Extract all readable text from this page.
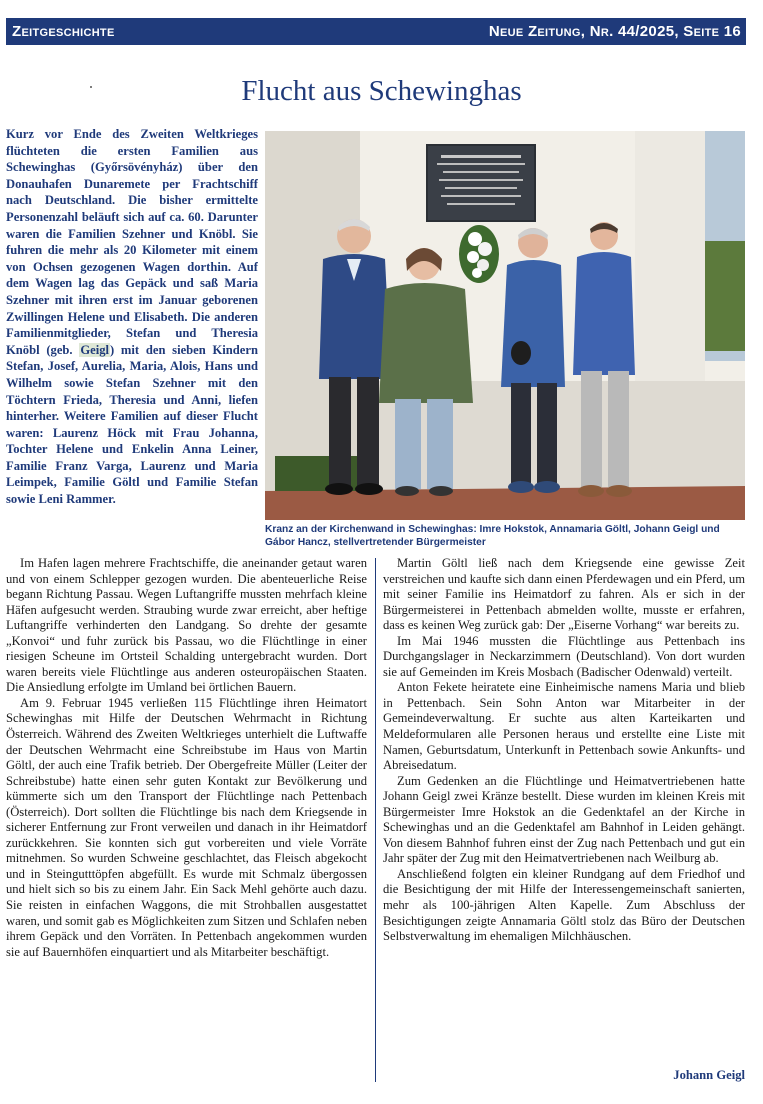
Zeitgeschichte	Neue Zeitung, Nr. 44/2025, Seite 16
Flucht aus Schewinghas

Kurz vor Ende des Zweiten Weltkrieges flüchteten die ersten Familien aus Schewinghas (Győrsövényház) über den Donauhafen Dunaremete per Frachtschiff nach Deutschland. Die bisher ermittelte Personenzahl beläuft sich auf ca. 60. Darunter waren die Familien Szehner und Knöbl. Sie fuhren die mehr als 20 Kilometer mit einem von Ochsen gezogenen Wagen dorthin. Auf dem Wagen lag das Gepäck und saß Maria Szehner mit ihren erst im Januar geborenen Zwillingen Helene und Elisabeth. Die anderen Familienmitglieder, Stefan und Theresia Knöbl (geb. Geigl) mit den sieben Kindern Stefan, Josef, Aurelia, Maria, Alois, Hans und Wilhelm sowie Stefan Szehner mit den Töchtern Frieda, Theresia und Anni, liefen hinterher. Weitere Familien auf dieser Flucht waren: Laurenz Höck mit Frau Johanna, Tochter Helene und Enkelin Anna Leiner, Familie Franz Varga, Laurenz und Maria Leimpek, Familie Göltl und Familie Stefan sowie Leni Rammer.

Kranz an der Kirchenwand in Schewinghas: Imre Hokstok, Annamaria Göltl, Johann Geigl und Gábor Hancz, stellvertretender Bürgermeister

Im Hafen lagen mehrere Frachtschiffe, die aneinander getaut waren und von einem Schlepper gezogen wurden. Die abenteuerliche Reise begann Richtung Passau. Wegen Luftangriffe mussten mehrfach kleine Häfen aufgesucht werden. Straubing wurde zwar erreicht, aber heftige Luftangriffe verhinderten den Landgang. So drehte der gesamte „Konvoi“ und fuhr zurück bis Passau, wo die Flüchtlinge in einer riesigen Scheune im Ortsteil Schalding untergebracht wurden. Dort waren bereits viele Flüchtlinge aus anderen osteuropäischen Staaten. Die Ansiedlung erfolgte im Umland bei örtlichen Bauern.

Am 9. Februar 1945 verließen 115 Flüchtlinge ihren Heimatort Schewinghas mit Hilfe der Deutschen Wehrmacht in Richtung Österreich. Während des Zweiten Weltkrieges unterhielt die Luftwaffe der Deutschen Wehrmacht eine Schreibstube im Haus von Martin Göltl, der auch eine Trafik betrieb. Der Obergefreite Müller (Leiter der Schreibstube) hatte einen sehr guten Kontakt zur Bevölkerung und kümmerte sich um den Transport der Flüchtlinge nach Pettenbach (Österreich). Dort sollten die Flüchtlinge bis nach dem Kriegsende in sicherer Entfernung zur Front verweilen und danach in ihr Heimatdorf zurückkehren. Sie konnten sich gut vorbereiten und viele Vorräte mitnehmen. So wurden Schweine geschlachtet, das Fleisch abgekocht und in Steingutttöpfen abgefüllt. Es wurde mit Schmalz übergossen und hielt sich so bis zu einem Jahr. Ein Sack Mehl gehörte auch dazu. Sie reisten in einfachen Waggons, die mit Strohballen ausgestattet waren, und somit gab es Möglichkeiten zum Sitzen und Schlafen neben ihrem Gepäck und den Vorräten. In Pettenbach angekommen wurden sie auf Bauernhöfen einquartiert und als Mitarbeiter beschäftigt.

Martin Göltl ließ nach dem Kriegsende eine gewisse Zeit verstreichen und kaufte sich dann einen Pferdewagen und ein Pferd, um mit seiner Familie ins Heimatdorf zu fahren. Als er sich in der Bürgermeisterei in Pettenbach abmelden wollte, musste er erfahren, dass es keinen Weg zurück gab: Der „Eiserne Vorhang“ war bereits zu.

Im Mai 1946 mussten die Flüchtlinge aus Pettenbach ins Durchgangslager in Neckarzimmern (Deutschland). Von dort wurden sie auf Gemeinden im Kreis Mosbach (Badischer Odenwald) verteilt.

Anton Fekete heiratete eine Einheimische namens Maria und blieb in Pettenbach. Sein Sohn Anton war Mitarbeiter in der Gemeindeverwaltung. Er suchte aus alten Karteikarten und Meldeformularen alle Personen heraus und erstellte eine Liste mit Namen, Geburtsdatum, Unterkunft in Pettenbach sowie Ankunfts- und Abreisedatum.

Zum Gedenken an die Flüchtlinge und Heimatvertriebenen hatte Johann Geigl zwei Kränze bestellt. Diese wurden im kleinen Kreis mit Bürgermeister Imre Hokstok an die Gedenktafel an der Kirche in Schewinghas und an die Gedenktafel am Bahnhof in Leiden gehängt. Von diesem Bahnhof fuhren einst der Zug nach Pettenbach und gut ein Jahr später der Zug mit den Heimatvertriebenen nach Weilburg ab.

Anschließend folgten ein kleiner Rundgang auf dem Friedhof und die Besichtigung der mit Hilfe der Interessengemeinschaft sanierten, mehr als 100-jährigen Alten Kapelle. Zum Abschluss der Besichtigungen zeigte Annamaria Göltl stolz das Büro der Deutschen Selbstverwaltung im ehemaligen Milchhäuschen.

Johann Geigl
